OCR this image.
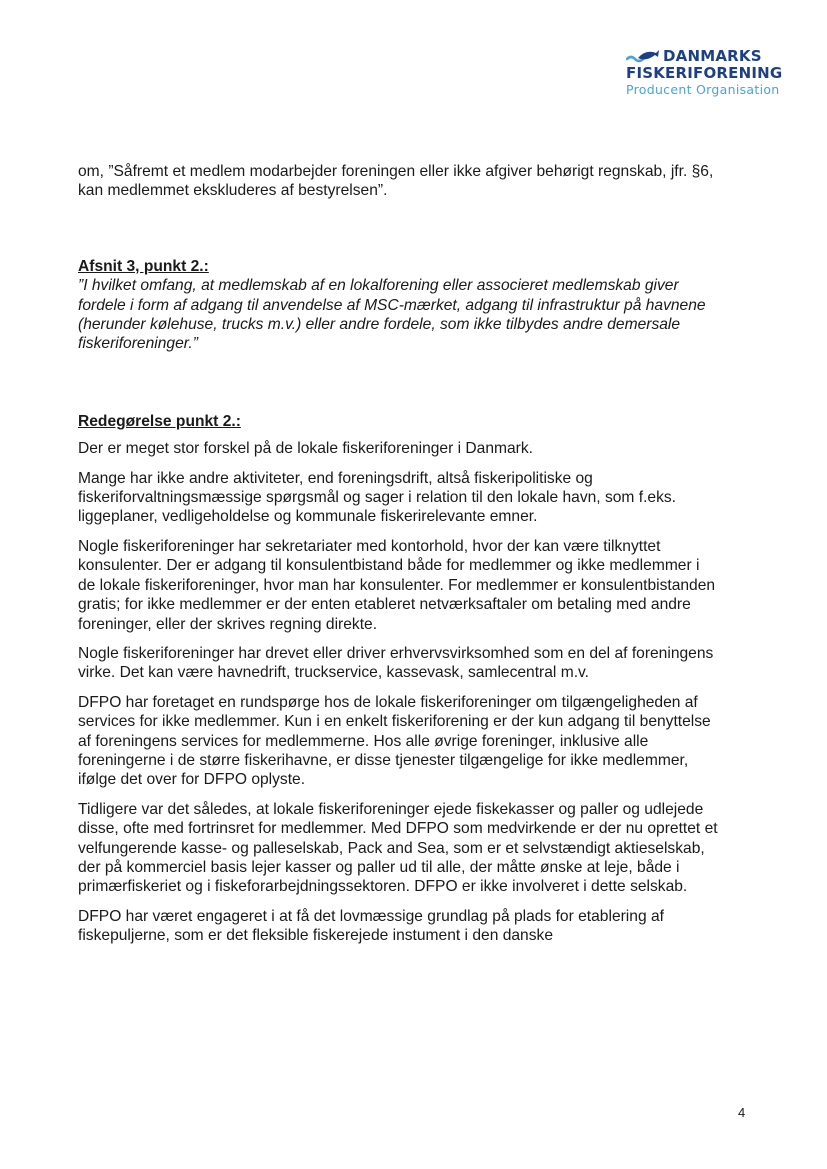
DANMARKS
FISKERIFORENING
Producent Organisation

om, ”Såfremt et medlem modarbejder foreningen eller ikke afgiver behørigt regnskab, jfr. §6, kan medlemmet ekskluderes af bestyrelsen”.

Afsnit 3, punkt 2.:

”I hvilket omfang, at medlemskab af en lokalforening eller associeret medlemskab giver fordele i form af adgang til anvendelse af MSC-mærket, adgang til infrastruktur på havnene (herunder kølehuse, trucks m.v.) eller andre fordele, som ikke tilbydes andre demersale fiskeriforeninger.”

Redegørelse punkt 2.:

Der er meget stor forskel på de lokale fiskeriforeninger i Danmark.

Mange har ikke andre aktiviteter, end foreningsdrift, altså fiskeripolitiske og fiskeriforvaltningsmæssige spørgsmål og sager i relation til den lokale havn, som f.eks. liggeplaner, vedligeholdelse og kommunale fiskerirelevante emner.

Nogle fiskeriforeninger har sekretariater med kontorhold, hvor der kan være tilknyttet konsulenter. Der er adgang til konsulentbistand både for medlemmer og ikke medlemmer i de lokale fiskeriforeninger, hvor man har konsulenter. For medlemmer er konsulentbistanden gratis; for ikke medlemmer er der enten etableret netværksaftaler om betaling med andre foreninger, eller der skrives regning direkte.

Nogle fiskeriforeninger har drevet eller driver erhvervsvirksomhed som en del af foreningens virke. Det kan være havnedrift, truckservice, kassevask, samlecentral m.v.

DFPO har foretaget en rundspørge hos de lokale fiskeriforeninger om tilgængeligheden af services for ikke medlemmer. Kun i en enkelt fiskeriforening er der kun adgang til benyttelse af foreningens services for medlemmerne. Hos alle øvrige foreninger, inklusive alle foreningerne i de større fiskerihavne, er disse tjenester tilgængelige for ikke medlemmer, ifølge det over for DFPO oplyste.

Tidligere var det således, at lokale fiskeriforeninger ejede fiskekasser og paller og udlejede disse, ofte med fortrinsret for medlemmer. Med DFPO som medvirkende er der nu oprettet et velfungerende kasse- og palleselskab, Pack and Sea, som er et selvstændigt aktieselskab, der på kommerciel basis lejer kasser og paller ud til alle, der måtte ønske at leje, både i primærfiskeriet og i fiskeforarbejdningssektoren. DFPO er ikke involveret i dette selskab.

DFPO har været engageret i at få det lovmæssige grundlag på plads for etablering af fiskepuljerne, som er det fleksible fiskerejede instument i den danske

4
